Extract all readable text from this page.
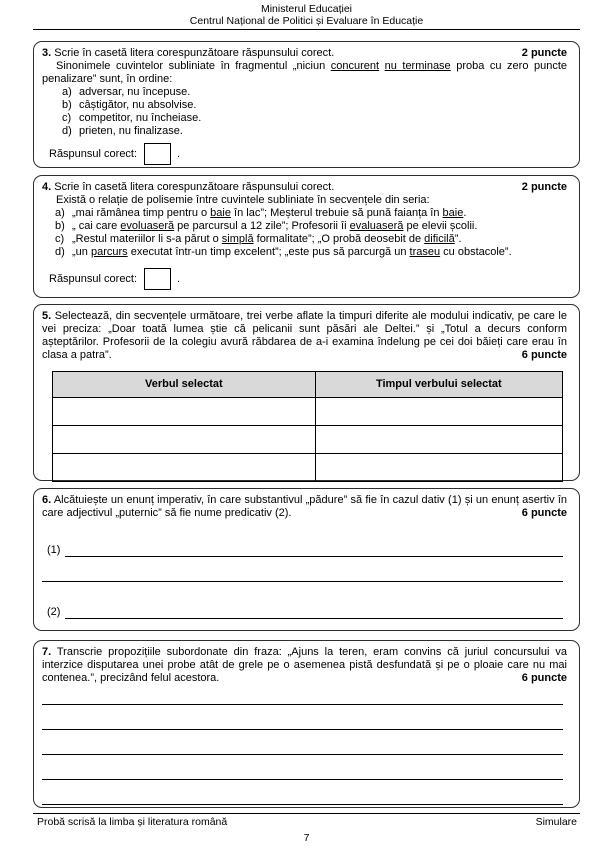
Ministerul Educației
Centrul Național de Politici și Evaluare în Educație
3. Scrie în casetă litera corespunzătoare răspunsului corect.	2 puncte
Sinonimele cuvintelor subliniate în fragmentul „niciun concurent nu terminase proba cu zero puncte penalizare” sunt, în ordine:
a) adversar, nu începuse.
b) câștigător, nu absolvise.
c) competitor, nu încheiase.
d) prieten, nu finalizase.
Răspunsul corect:	.
4. Scrie în casetă litera corespunzătoare răspunsului corect.	2 puncte
Există o relație de polisemie între cuvintele subliniate în secvențele din seria:
a) „mai rămânea timp pentru o baie în lac”; Meșterul trebuie să pună faianța în baie.
b) „ cai care evoluaseră pe parcursul a 12 zile”; Profesorii îi evaluaseră pe elevii școlii.
c) „Restul materiilor li s-a părut o simplă formalitate”; „O probă deosebit de dificilă”.
d) „un parcurs executat într-un timp excelent”; „este pus să parcurgă un traseu cu obstacole”.
Răspunsul corect:	.
5. Selectează, din secvențele următoare, trei verbe aflate la timpuri diferite ale modului indicativ, pe care le vei preciza: „Doar toată lumea știe că pelicanii sunt păsări ale Deltei.” și „Totul a decurs conform așteptărilor. Profesorii de la colegiu avură răbdarea de a-i examina îndelung pe cei doi băieți care erau în clasa a patra”.	6 puncte
Verbul selectat	Timpul verbului selectat

6. Alcătuiește un enunț imperativ, în care substantivul „pădure” să fie în cazul dativ (1) și un enunț asertiv în care adjectivul „puternic” să fie nume predicativ (2).	6 puncte
(1)
(2)
7. Transcrie propozițiile subordonate din fraza: „Ajuns la teren, eram convins că juriul concursului va interzice disputarea unei probe atât de grele pe o asemenea pistă desfundată și pe o ploaie care nu mai contenea.”, precizând felul acestora.	6 puncte
Probă scrisă la limba și literatura română	Simulare
7
